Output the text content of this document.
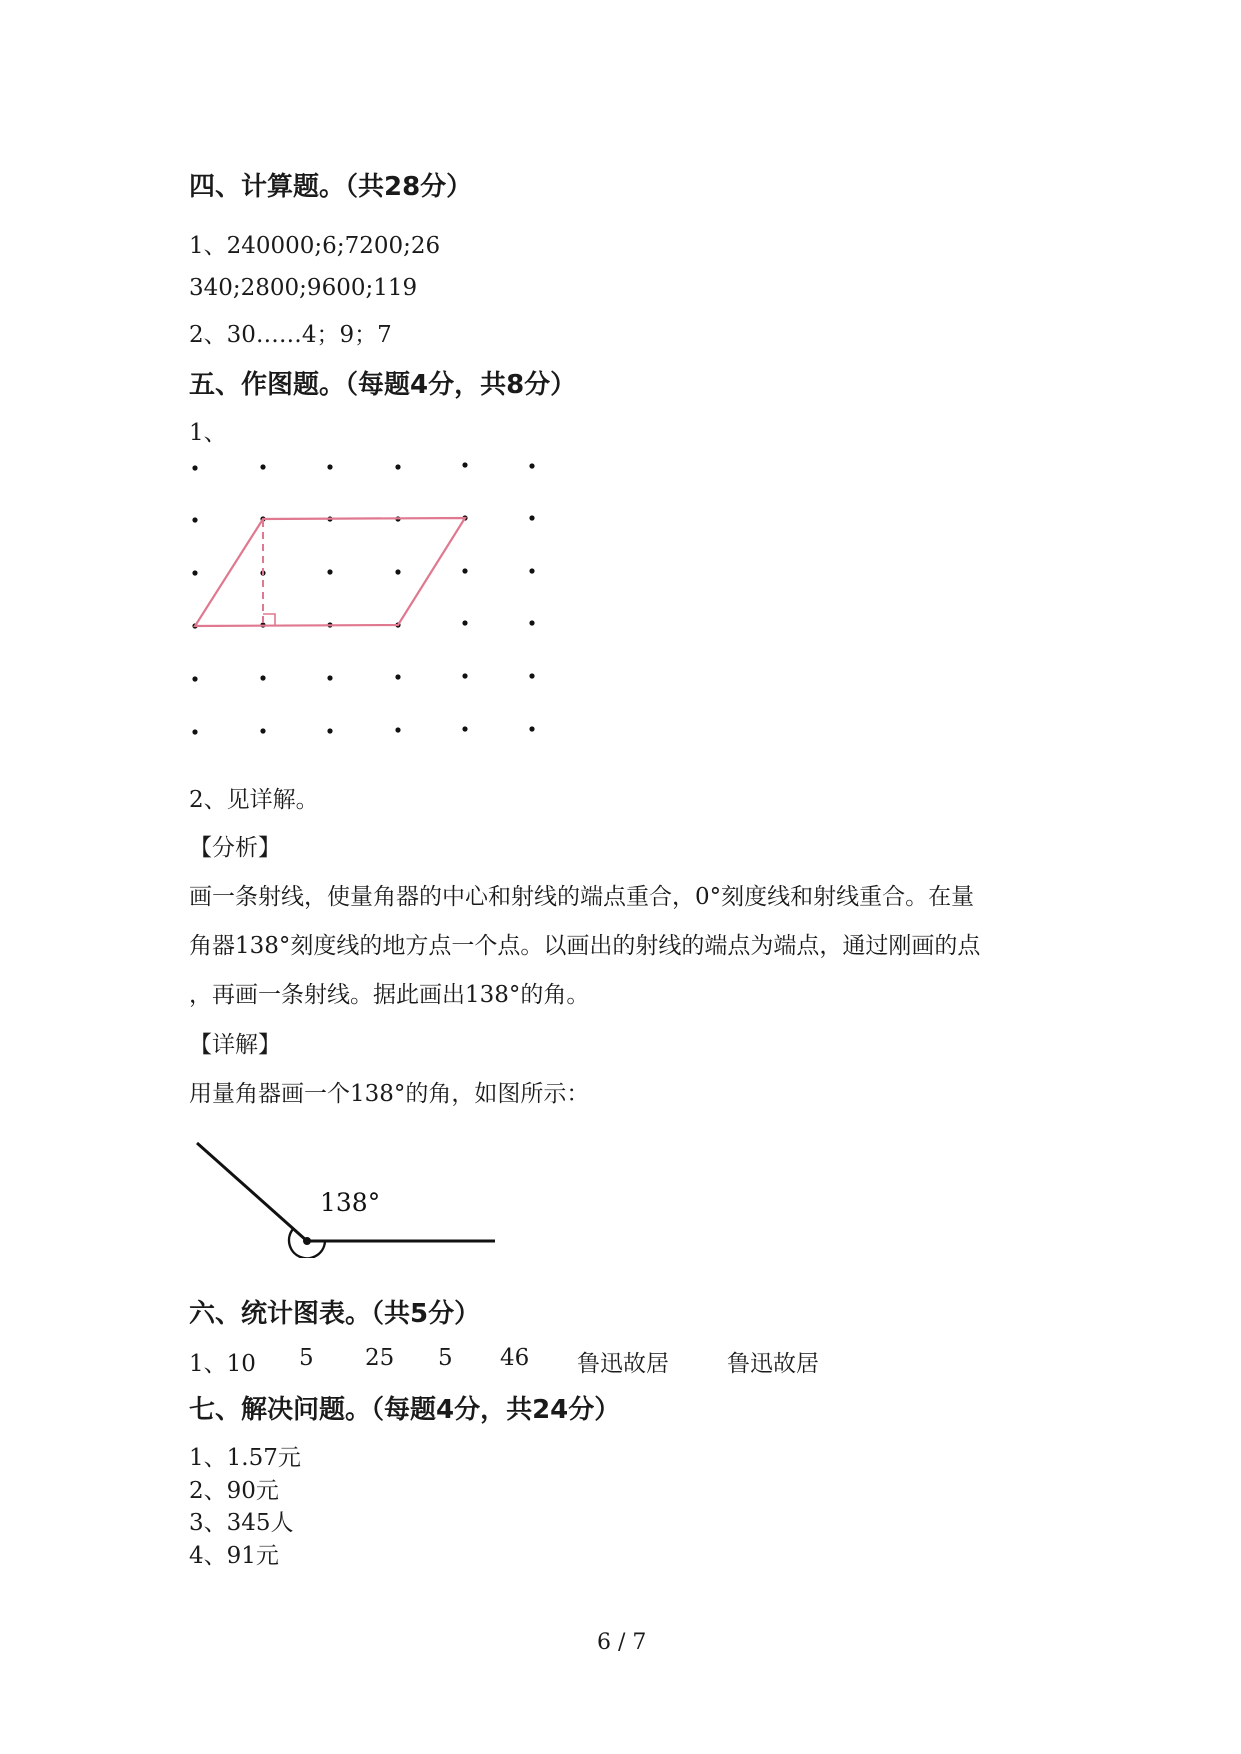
四、计算题。（共28分）
1、240000;6;7200;26
340;2800;9600;119
2、30……4；9；7
五、作图题。（每题4分，共8分）
1、
2、见详解。
【分析】
画一条射线，使量角器的中心和射线的端点重合，0°刻度线和射线重合。在量
角器138°刻度线的地方点一个点。以画出的射线的端点为端点，通过刚画的点
，再画一条射线。据此画出138°的角。
【详解】
用量角器画一个138°的角，如图所示：
138°
六、统计图表。（共5分）
1、10 5 25 5 46 鲁迅故居	鲁迅故居
七、解决问题。（每题4分，共24分）
1、1.57元
2、90元
3、345人
4、91元
6 / 7
